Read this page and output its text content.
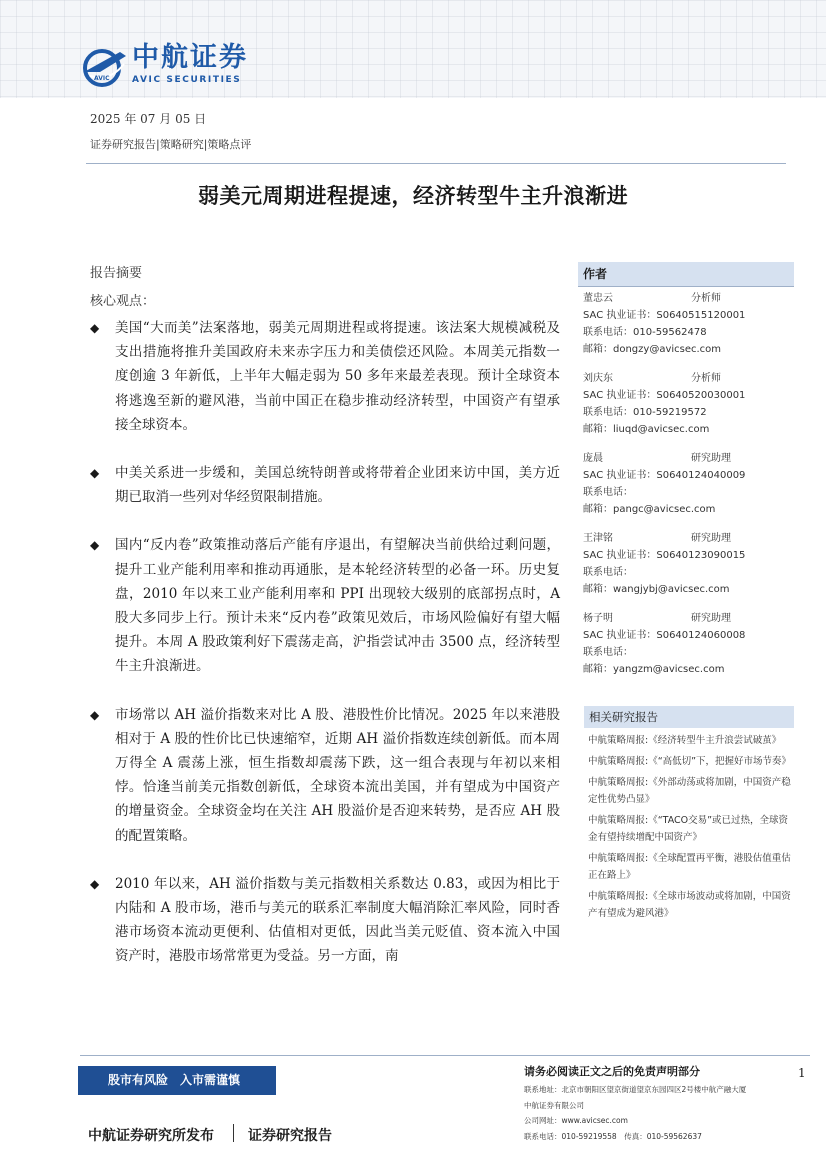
AVIC
中航证券
AVIC SECURITIES
2025 年 07 月 05 日
证券研究报告|策略研究|策略点评
弱美元周期进程提速，经济转型牛主升浪渐进
报告摘要
核心观点：
◆ 美国“大而美”法案落地，弱美元周期进程或将提速。该法案大规模减税及支出措施将推升美国政府未来赤字压力和美债偿还风险。本周美元指数一度创逾 3 年新低，上半年大幅走弱为 50 多年来最差表现。预计全球资本将逃逸至新的避风港，当前中国正在稳步推动经济转型，中国资产有望承接全球资本。
◆ 中美关系进一步缓和，美国总统特朗普或将带着企业团来访中国，美方近期已取消一些列对华经贸限制措施。
◆ 国内“反内卷”政策推动落后产能有序退出，有望解决当前供给过剩问题，提升工业产能利用率和推动再通胀，是本轮经济转型的必备一环。历史复盘，2010 年以来工业产能利用率和 PPI 出现较大级别的底部拐点时，A 股大多同步上行。预计未来“反内卷”政策见效后，市场风险偏好有望大幅提升。本周 A 股政策利好下震荡走高，沪指尝试冲击 3500 点，经济转型牛主升浪渐进。
◆ 市场常以 AH 溢价指数来对比 A 股、港股性价比情况。2025 年以来港股相对于 A 股的性价比已快速缩窄，近期 AH 溢价指数连续创新低。而本周万得全 A 震荡上涨，恒生指数却震荡下跌，这一组合表现与年初以来相悖。恰逢当前美元指数创新低，全球资本流出美国，并有望成为中国资产的增量资金。全球资金均在关注 AH 股溢价是否迎来转势，是否应 AH 股的配置策略。
◆ 2010 年以来，AH 溢价指数与美元指数相关系数达 0.83，或因为相比于内陆和 A 股市场，港币与美元的联系汇率制度大幅消除汇率风险，同时香港市场资本流动更便利、估值相对更低，因此当美元贬值、资本流入中国资产时，港股市场常常更为受益。另一方面，南
作者
董忠云	分析师
SAC 执业证书：S0640515120001
联系电话：010-59562478
邮箱：dongzy@avicsec.com
刘庆东	分析师
SAC 执业证书：S0640520030001
联系电话：010-59219572
邮箱：liuqd@avicsec.com
庞晨	研究助理
SAC 执业证书：S0640124040009
联系电话：
邮箱：pangc@avicsec.com
王津铭	研究助理
SAC 执业证书：S0640123090015
联系电话：
邮箱：wangjybj@avicsec.com
杨子明	研究助理
SAC 执业证书：S0640124060008
联系电话：
邮箱：yangzm@avicsec.com
相关研究报告
中航策略周报:《经济转型牛主升浪尝试破茧》
中航策略周报:《“高低切”下，把握好市场节奏》
中航策略周报:《外部动荡或将加剧，中国资产稳定性优势凸显》
中航策略周报:《“TACO交易”或已过热，全球资金有望持续增配中国资产》
中航策略周报:《全球配置再平衡，港股估值重估正在路上》
中航策略周报:《全球市场波动或将加剧，中国资产有望成为避风港》
股市有风险　入市需谨慎
请务必阅读正文之后的免责声明部分	1
联系地址：北京市朝阳区望京街道望京东园四区2号楼中航产融大厦
中航证券有限公司
公司网址：www.avicsec.com
联系电话：010-59219558　传真：010-59562637
中航证券研究所发布 证券研究报告
